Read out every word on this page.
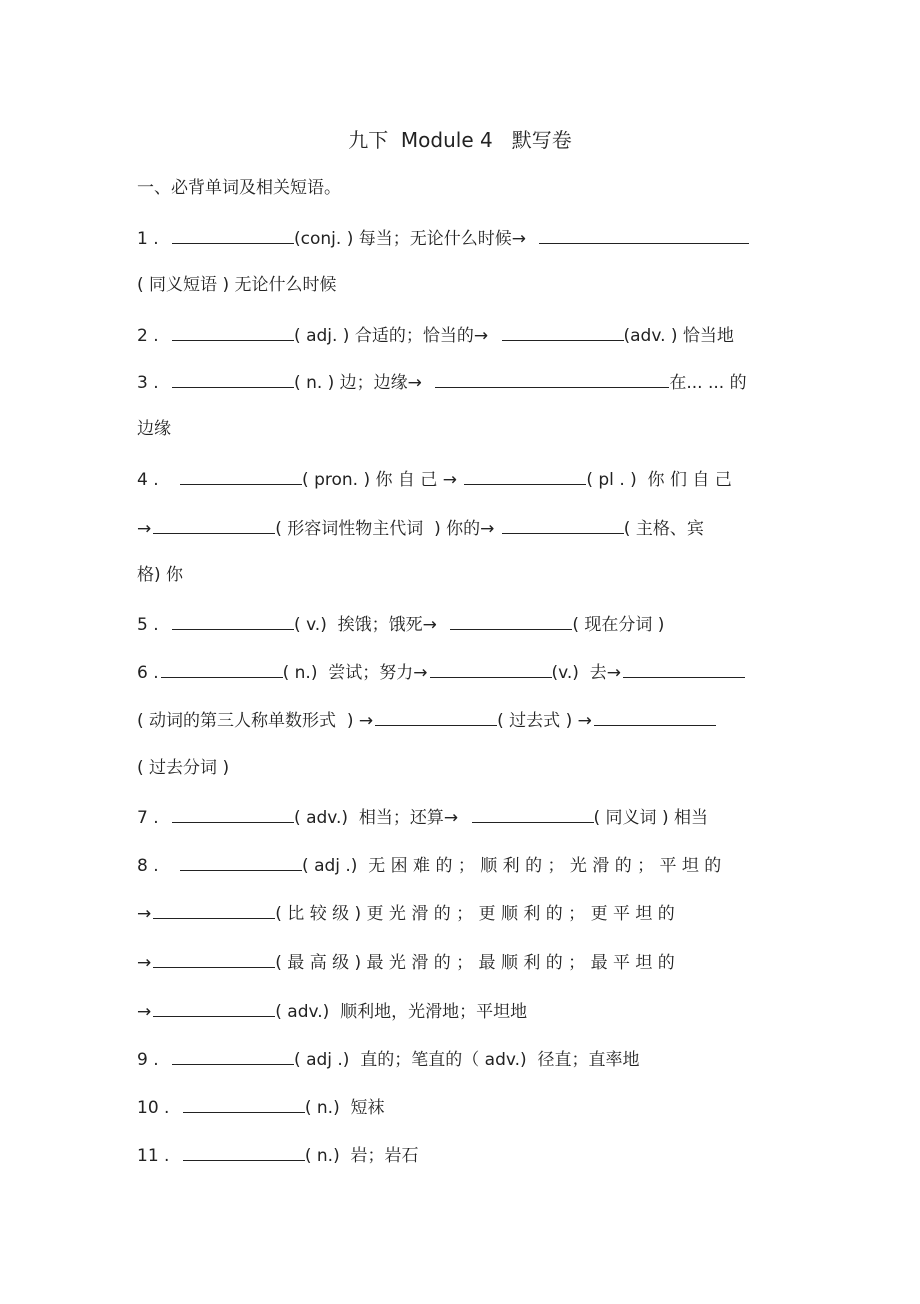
九下  Module 4   默写卷
一、必背单词及相关短语。
1 .	(conj. ) 每当；无论什么时候→
( 同义短语 ) 无论什么时候
2 .	( adj. ) 合适的；恰当的→	(adv. ) 恰当地
3 .	( n. ) 边；边缘→	在... ... 的
边缘
4 .	( pron. ) 你 自 己 →	( pl . )  你 们 自 己
→	( 形容词性物主代词  ) 你的→	( 主格、宾
格) 你
5 .	( v.)  挨饿；饿死→	( 现在分词 )
6 .	( n.)  尝试；努力→	(v.)  去→
( 动词的第三人称单数形式  ) →	( 过去式 ) →
( 过去分词 )
7 .	( adv.)  相当；还算→	( 同义词 ) 相当
8 .	( adj .)  无 困 难 的 ； 顺 利 的 ； 光 滑 的 ； 平 坦 的
→	( 比 较 级 ) 更 光 滑 的 ； 更 顺 利 的 ； 更 平 坦 的
→	( 最 高 级 ) 最 光 滑 的 ； 最 顺 利 的 ； 最 平 坦 的
→	( adv.)  顺利地，光滑地；平坦地
9 .	( adj .)  直的；笔直的（ adv.)  径直；直率地
10 .	( n.)  短袜
11 .	( n.)  岩；岩石
